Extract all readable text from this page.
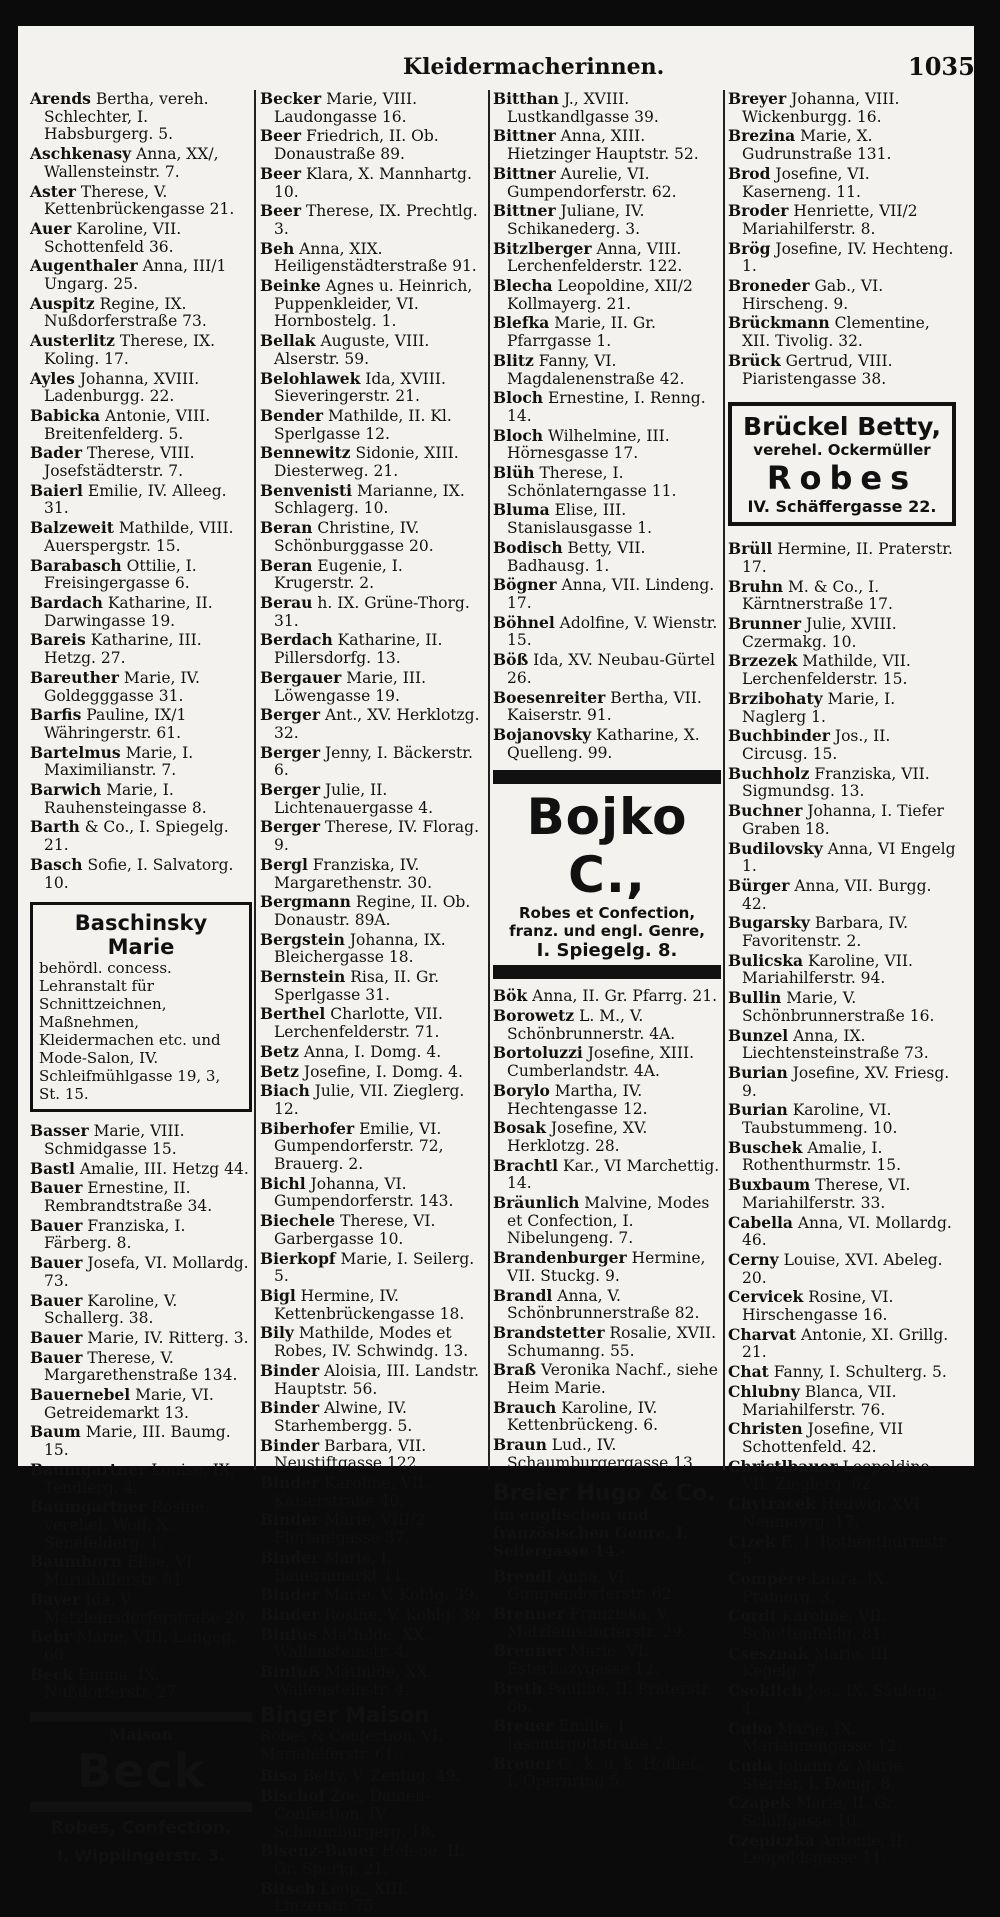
Kleidermacherinnen.	1035
Arends Bertha, vereh. Schlechter, I. Habsburgerg. 5.
Aschkenasy Anna, XX/, Wallensteinstr. 7.
Aster Therese, V. Kettenbrückengasse 21.
Auer Karoline, VII. Schottenfeld 36.
Augenthaler Anna, III/1 Ungarg. 25.
Auspitz Regine, IX. Nußdorferstraße 73.
Austerlitz Therese, IX. Koling. 17.
Ayles Johanna, XVIII. Ladenburgg. 22.
Babicka Antonie, VIII. Breitenfelderg. 5.
Bader Therese, VIII. Josefstädterstr. 7.
Baierl Emilie, IV. Alleeg. 31.
Balzeweit Mathilde, VIII. Auerspergstr. 15.
Barabasch Ottilie, I. Freisingergasse 6.
Bardach Katharine, II. Darwingasse 19.
Bareis Katharine, III. Hetzg. 27.
Bareuther Marie, IV. Goldegggasse 31.
Barfis Pauline, IX/1 Währingerstr. 61.
Bartelmus Marie, I. Maximilianstr. 7.
Barwich Marie, I. Rauhensteingasse 8.
Barth & Co., I. Spiegelg. 21.
Basch Sofie, I. Salvatorg. 10.
Baschinsky Marie
behördl. concess. Lehranstalt für Schnittzeichnen, Maßnehmen, Kleidermachen etc. und Mode-Salon, IV. Schleifmühlgasse 19, 3, St. 15.
Basser Marie, VIII. Schmidgasse 15.
Bastl Amalie, III. Hetzg 44.
Bauer Ernestine, II. Rembrandtstraße 34.
Bauer Franziska, I. Färberg. 8.
Bauer Josefa, VI. Mollardg. 73.
Bauer Karoline, V. Schallerg. 38.
Bauer Marie, IV. Ritterg. 3.
Bauer Therese, V. Margarethenstraße 134.
Bauernebel Marie, VI. Getreidemarkt 13.
Baum Marie, III. Baumg. 15.
Baumgartner Louise, IX. Tendlerg. 4.
Baumgartner Rosine, verehel. Wolf, X. Senefelderg. 1.
Baumhorn Elise, VI. Mariahilferstr. 51.
Bayer Ida, V. Matzleinsdorferstraße 20.
Bebr Marie, VIII. Langeg. 60.
Beck Emma, IX. Nußdorferstr. 27.
Maison
Beck
Robes, Confection.
I. Wipplingerstr. 3.
Becker Marie, VIII. Laudongasse 16.
Beer Friedrich, II. Ob. Donaustraße 89.
Beer Klara, X. Mannhartg. 10.
Beer Therese, IX. Prechtlg. 3.
Beh Anna, XIX. Heiligenstädterstraße 91.
Beinke Agnes u. Heinrich, Puppenkleider, VI. Hornbostelg. 1.
Bellak Auguste, VIII. Alserstr. 59.
Belohlawek Ida, XVIII. Sieveringerstr. 21.
Bender Mathilde, II. Kl. Sperlgasse 12.
Bennewitz Sidonie, XIII. Diesterweg. 21.
Benvenisti Marianne, IX. Schlagerg. 10.
Beran Christine, IV. Schönburggasse 20.
Beran Eugenie, I. Krugerstr. 2.
Berau h. IX. Grüne-Thorg. 31.
Berdach Katharine, II. Pillersdorfg. 13.
Bergauer Marie, III. Löwengasse 19.
Berger Ant., XV. Herklotzg. 32.
Berger Jenny, I. Bäckerstr. 6.
Berger Julie, II. Lichtenauergasse 4.
Berger Therese, IV. Florag. 9.
Bergl Franziska, IV. Margarethenstr. 30.
Bergmann Regine, II. Ob. Donaustr. 89A.
Bergstein Johanna, IX. Bleichergasse 18.
Bernstein Risa, II. Gr. Sperlgasse 31.
Berthel Charlotte, VII. Lerchenfelderstr. 71.
Betz Anna, I. Domg. 4.
Betz Josefine, I. Domg. 4.
Biach Julie, VII. Zieglerg. 12.
Biberhofer Emilie, VI. Gumpendorferstr. 72, Brauerg. 2.
Bichl Johanna, VI. Gumpendorferstr. 143.
Biechele Therese, VI. Garbergasse 10.
Bierkopf Marie, I. Seilerg. 5.
Bigl Hermine, IV. Kettenbrückengasse 18.
Bily Mathilde, Modes et Robes, IV. Schwindg. 13.
Binder Aloisia, III. Landstr. Hauptstr. 56.
Binder Alwine, IV. Starhembergg. 5.
Binder Barbara, VII. Neustiftgasse 122.
Binder Karoline, VII. Kaiserstraße 40.
Binder Marie, VIII/2 Florianigasse 37.
Binder Marie, I. Bauernmarkt 11.
Binder Marie, V. Kohlg. 39.
Binder Rosine, V. Kohlg. 39.
Binfus Mathilde, XX. Wallensteinstr. 4.
Binfuß Mathilde, XX. Wallensteinstr. 4.
Binger Maison
Robes & Confection, VI. Mariahilferstr. 61.-
Bisa Betty, V. Zentag. 49.
Bischof Zoe, Damen-Confection, IV. Schaumburgerg. 18.
Bisenz-Bauer Helene, II. Gr. Sperlg. 21.
Bitsch Leop., XIII. Linzerstr. 75.
Bitthan J., XVIII. Lustkandlgasse 39.
Bittner Anna, XIII. Hietzinger Hauptstr. 52.
Bittner Aurelie, VI. Gumpendorferstr. 62.
Bittner Juliane, IV. Schikanederg. 3.
Bitzlberger Anna, VIII. Lerchenfelderstr. 122.
Blecha Leopoldine, XII/2 Kollmayerg. 21.
Blefka Marie, II. Gr. Pfarrgasse 1.
Blitz Fanny, VI. Magdalenenstraße 42.
Bloch Ernestine, I. Renng. 14.
Bloch Wilhelmine, III. Hörnesgasse 17.
Blüh Therese, I. Schönlaterngasse 11.
Bluma Elise, III. Stanislausgasse 1.
Bodisch Betty, VII. Badhausg. 1.
Bögner Anna, VII. Lindeng. 17.
Böhnel Adolfine, V. Wienstr. 15.
Böß Ida, XV. Neubau-Gürtel 26.
Boesenreiter Bertha, VII. Kaiserstr. 91.
Bojanovsky Katharine, X. Quelleng. 99.
Bojko C.,
Robes et Confection,
franz. und engl. Genre,
I. Spiegelg. 8.
Bök Anna, II. Gr. Pfarrg. 21.
Borowetz L. M., V. Schönbrunnerstr. 4A.
Bortoluzzi Josefine, XIII. Cumberlandstr. 4A.
Borylo Martha, IV. Hechtengasse 12.
Bosak Josefine, XV. Herklotzg. 28.
Brachtl Kar., VI Marchettig. 14.
Bräunlich Malvine, Modes et Confection, I. Nibelungeng. 7.
Brandenburger Hermine, VII. Stuckg. 9.
Brandl Anna, V. Schönbrunnerstraße 82.
Brandstetter Rosalie, XVII. Schumanng. 55.
Braß Veronika Nachf., siehe Heim Marie.
Brauch Karoline, IV. Kettenbrückeng. 6.
Braun Lud., IV. Schaumburgergasse 13.
Breier Hugo & Co.
im englischen und französischen Genre, I. Seilergasse 14.-
Brendl Anna, VI. Gumpendorferstr. 62.
Brenner Franziska, V. Matzleinsdorferstr. 29.
Brenner Marie, VI. Esterhazygasse 12.
Breth Pauline, II. Praterstr. 66.
Breuer Emilie, I. Jasomirgottstraße 2.
Breuer C., k. u. k. Hoflief., I. Opernring 5.
Breyer Johanna, VIII. Wickenburgg. 16.
Brezina Marie, X. Gudrunstraße 131.
Brod Josefine, VI. Kaserneng. 11.
Broder Henriette, VII/2 Mariahilferstr. 8.
Brög Josefine, IV. Hechteng. 1.
Broneder Gab., VI. Hirscheng. 9.
Brückmann Clementine, XII. Tivolig. 32.
Brück Gertrud, VIII. Piaristengasse 38.
Brückel Betty,
verehel. Ockermüller
Robes
IV. Schäffergasse 22.
Brüll Hermine, II. Praterstr. 17.
Bruhn M. & Co., I. Kärntnerstraße 17.
Brunner Julie, XVIII. Czermakg. 10.
Brzezek Mathilde, VII. Lerchenfelderstr. 15.
Brzibohaty Marie, I. Naglerg 1.
Buchbinder Jos., II. Circusg. 15.
Buchholz Franziska, VII. Sigmundsg. 13.
Buchner Johanna, I. Tiefer Graben 18.
Budilovsky Anna, VI Engelg 1.
Bürger Anna, VII. Burgg. 42.
Bugarsky Barbara, IV. Favoritenstr. 2.
Bulicska Karoline, VII. Mariahilferstr. 94.
Bullin Marie, V. Schönbrunnerstraße 16.
Bunzel Anna, IX. Liechtensteinstraße 73.
Burian Josefine, XV. Friesg. 9.
Burian Karoline, VI. Taubstummeng. 10.
Buschek Amalie, I. Rothenthurmstr. 15.
Buxbaum Therese, VI. Mariahilferstr. 33.
Cabella Anna, VI. Mollardg. 46.
Cerny Louise, XVI. Abeleg. 20.
Cervicek Rosine, VI. Hirschengasse 16.
Charvat Antonie, XI. Grillg. 21.
Chat Fanny, I. Schulterg. 5.
Chlubny Blanca, VII. Mariahilferstr. 76.
Christen Josefine, VII Schottenfeld. 42.
Christlbauer Leopoldine, VII. Zieglerg. 62.
Chytracek Hedwig, XVI. Neumayrg. 17.
Cizek F., I. Rothenthurmstr. 5.
Compère Laura, IX. Pramerg. 3.
Cordt Karoline, VII. Schottenfeldg. 81.
Csesznak Marie, III. Kegelg. 7.
Csoklich Jos., IX. Säuleng. 4.
Cuba Marie, IX. Mariannengasse 12.
Cuda Johann & Marie Sterzer, I. Domg. 8.
Czapek Marie, II. Gr. Schiffgasse 10.
Czepiczka Antonie, II. Leopoldsgasse 11.
